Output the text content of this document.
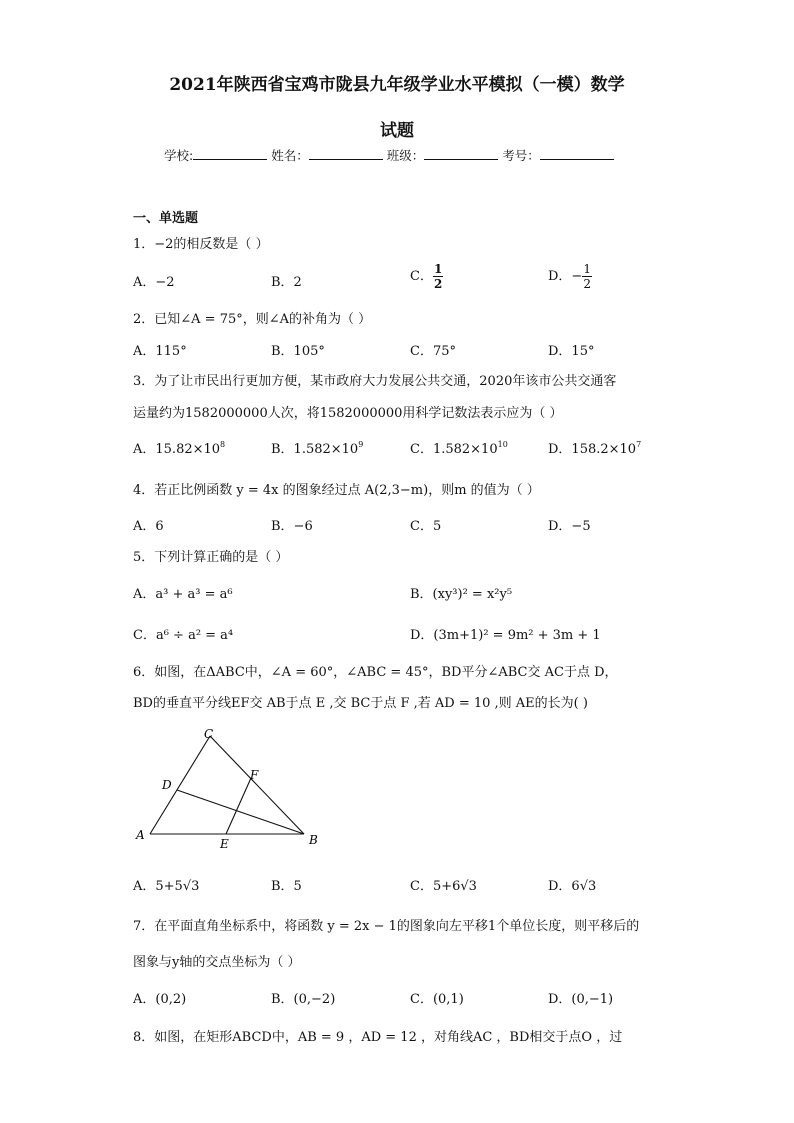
2021年陕西省宝鸡市陇县九年级学业水平模拟（一模）数学
试题
学校:	姓名：	班级：	考号：
一、单选题
1．−2的相反数是（ ）
A．−2	B．2	C． $\frac{1}{2}$	D．− $\frac{1}{2}$
2．已知∠A = 75°，则∠A的补角为（ ）
A．115°	B．105°	C．75°	D．15°
3．为了让市民出行更加方便，某市政府大力发展公共交通，2020年该市公共交通客
运量约为1582000000人次，将1582000000用科学记数法表示应为（ ）
A．$15.82\times 10^8$	B．$1.582\times 10^9$	C．$1.582\times 10^{10}$	D．$158.2\times 10^7$
4．若正比例函数 y = 4x 的图象经过点 A(2,3−m)，则m 的值为（ ）
A．6	B．−6	C．5	D．−5
5．下列计算正确的是（ ）
A．a³ + a³ = a⁶	B．(xy³)² = x²y⁵
C．a⁶ ÷ a² = a⁴	D．(3m+1)² = 9m² + 3m + 1
6．如图，在ΔABC中，∠A = 60°，∠ABC = 45°，BD平分∠ABC交 AC于点 D，
BD的垂直平分线EF交 AB于点 E ,交 BC于点 F ,若 AD = 10 ,则 AE的长为( )
C
D
F
A
E	B
A．5+5√3	B．5	C．5+6√3	D．6√3
7．在平面直角坐标系中，将函数 y = 2x − 1的图象向左平移1个单位长度，则平移后的
图象与y轴的交点坐标为（ ）
A．(0,2)	B．(0,−2)	C．(0,1)	D．(0,−1)
8．如图，在矩形ABCD中，AB = 9 ，AD = 12 ，对角线AC ，BD相交于点O ，过
